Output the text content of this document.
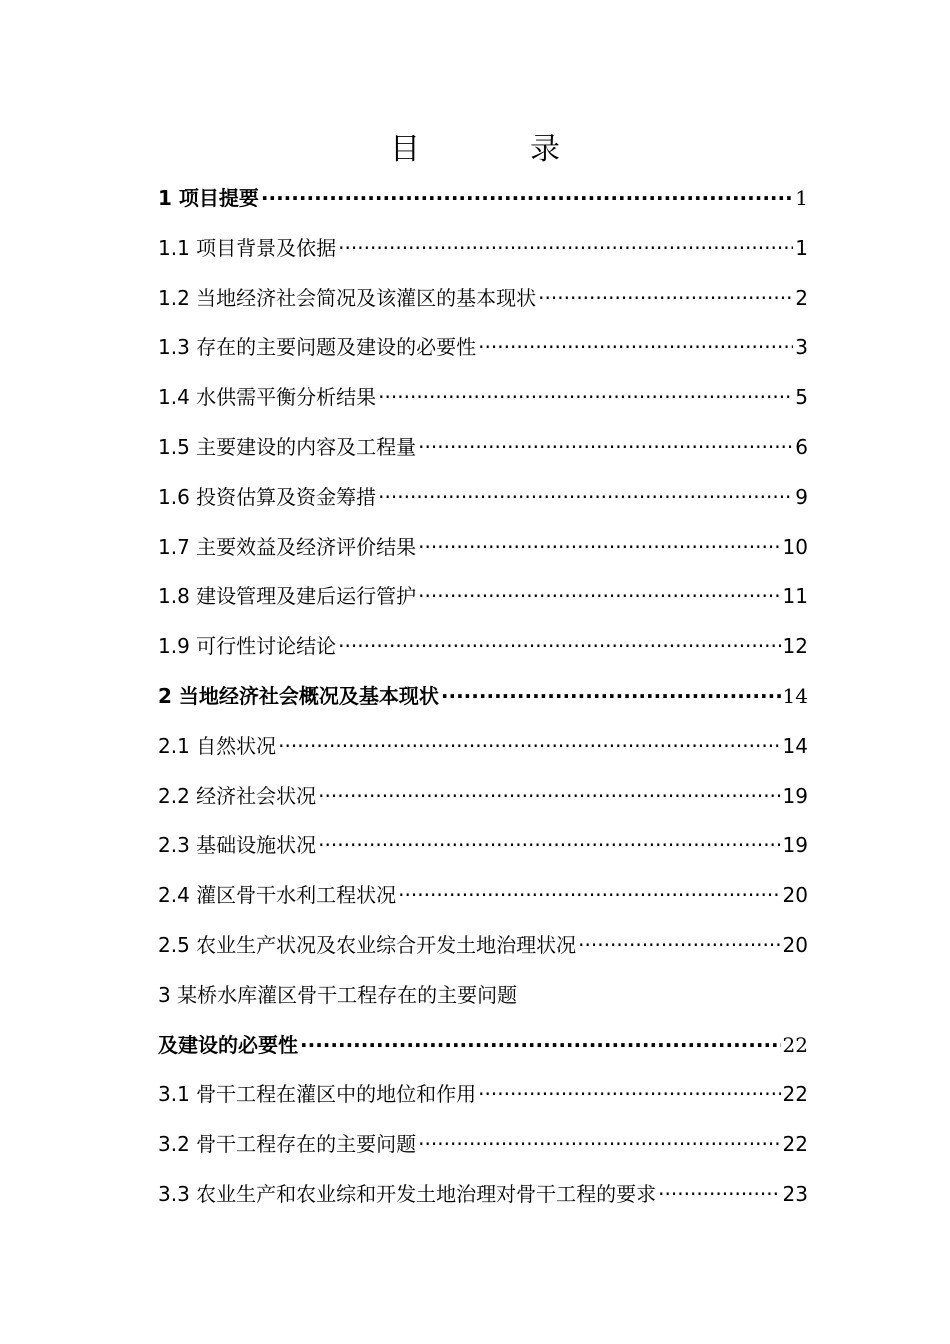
目　录
1 项目提要 ·····	1
1.1 项目背景及依据 ·····	1
1.2 当地经济社会简况及该灌区的基本现状 ·····	2
1.3 存在的主要问题及建设的必要性 ·····	3
1.4 水供需平衡分析结果 ·····	5
1.5 主要建设的内容及工程量 ·····	6
1.6 投资估算及资金筹措 ·····	9
1.7 主要效益及经济评价结果 ·····	10
1.8 建设管理及建后运行管护 ·····	11
1.9 可行性讨论结论 ·····	12
2 当地经济社会概况及基本现状 ·····	14
2.1 自然状况 ·····	14
2.2 经济社会状况 ·····	19
2.3 基础设施状况 ·····	19
2.4 灌区骨干水利工程状况 ·····	20
2.5 农业生产状况及农业综合开发土地治理状况 ·····	20
3 某桥水库灌区骨干工程存在的主要问题
及建设的必要性 ·····	22
3.1 骨干工程在灌区中的地位和作用 ·····	22
3.2 骨干工程存在的主要问题 ·····	22
3.3 农业生产和农业综和开发土地治理对骨干工程的要求 ·····	23
